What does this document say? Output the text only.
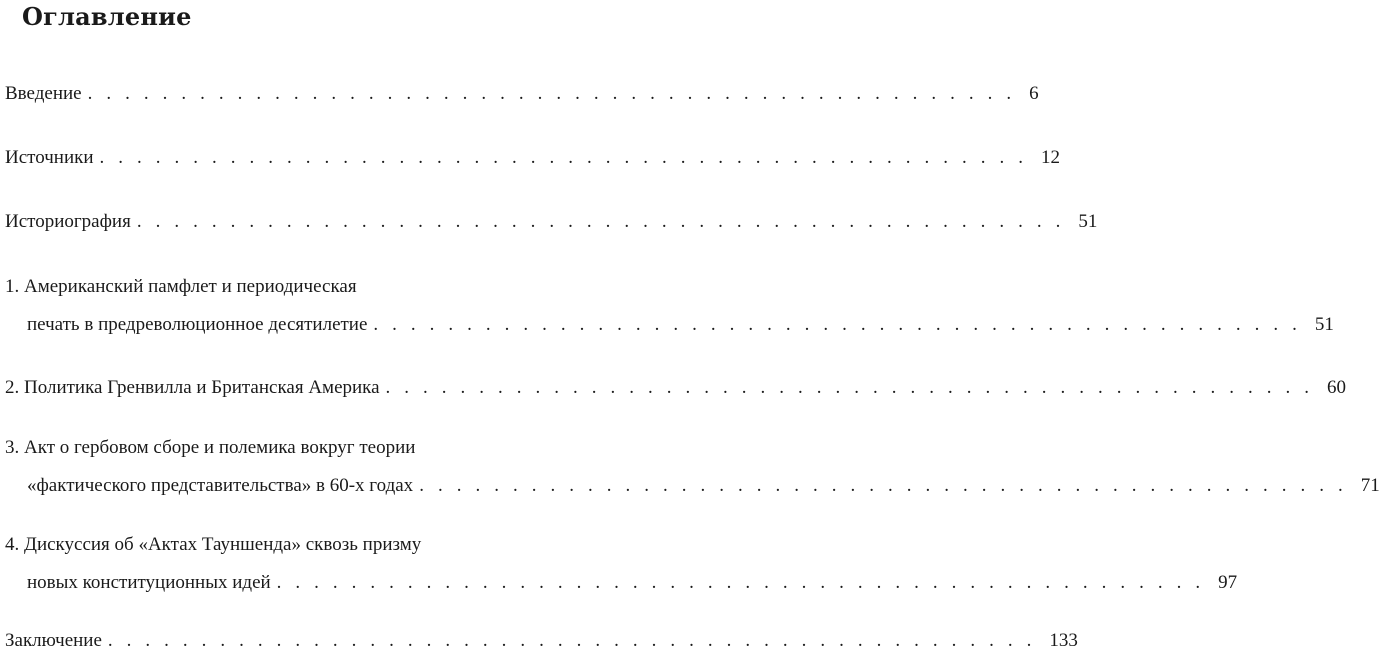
Оглавление
Введение .................................................. 6
Источники .................................................. 12
Историография .................................................. 51
1. Американский памфлет и периодическая
печать в предреволюционное десятилетие .................................................. 51
2. Политика Гренвилла и Британская Америка .................................................. 60
3. Акт о гербовом сборе и полемика вокруг теории
«фактического представительства» в 60-х годах .................................................. 71
4. Дискуссия об «Актах Тауншенда» сквозь призму
новых конституционных идей .................................................. 97
Заключение .................................................. 133
